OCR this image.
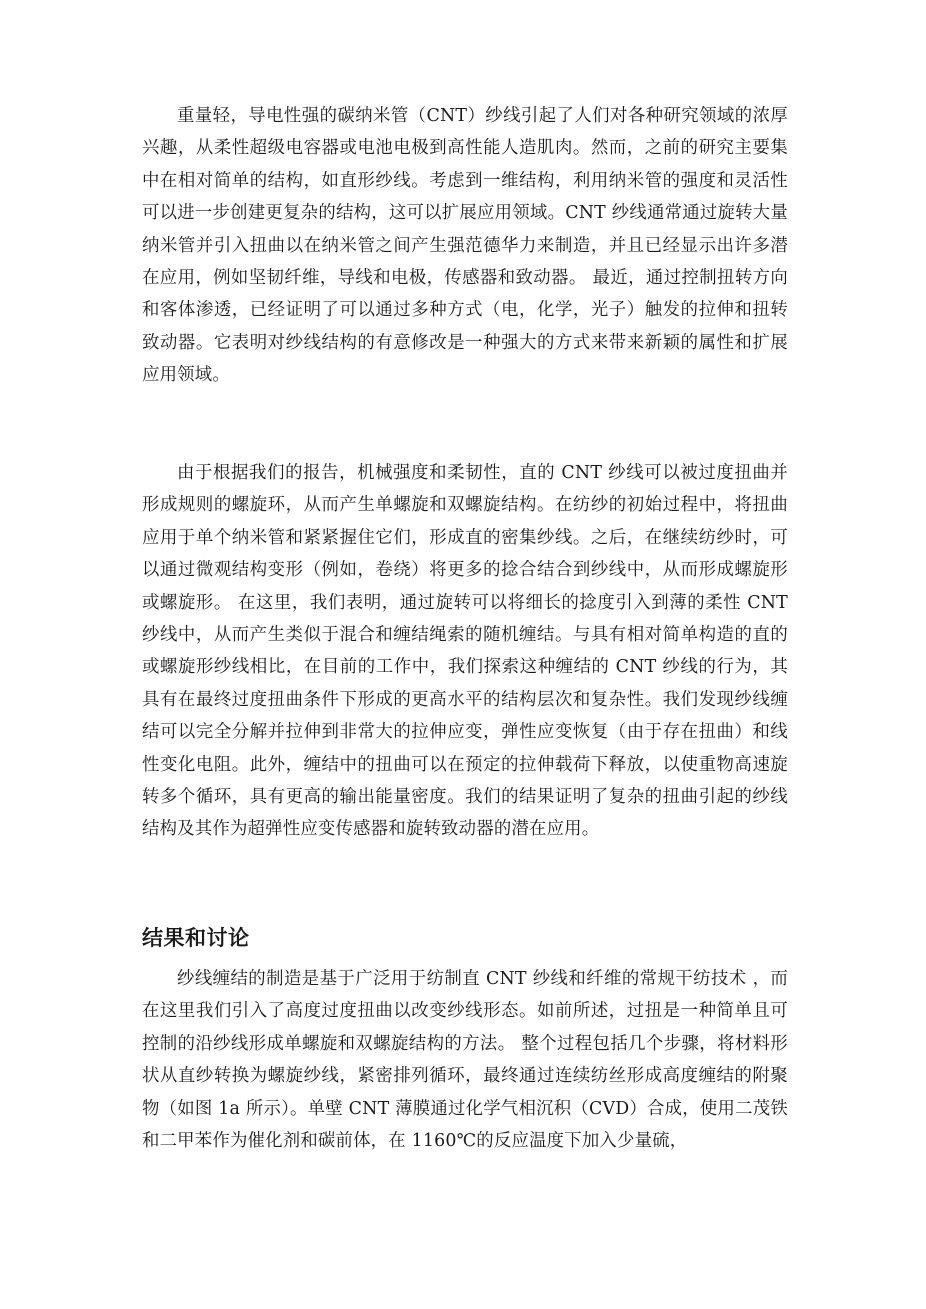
重量轻，导电性强的碳纳米管（CNT）纱线引起了人们对各种研究领域的浓厚兴趣，从柔性超级电容器或电池电极到高性能人造肌肉。然而，之前的研究主要集中在相对简单的结构，如直形纱线。考虑到一维结构，利用纳米管的强度和灵活性可以进一步创建更复杂的结构，这可以扩展应用领域。CNT 纱线通常通过旋转大量纳米管并引入扭曲以在纳米管之间产生强范德华力来制造，并且已经显示出许多潜在应用，例如坚韧纤维，导线和电极，传感器和致动器。 最近，通过控制扭转方向和客体渗透，已经证明了可以通过多种方式（电，化学，光子）触发的拉伸和扭转致动器。它表明对纱线结构的有意修改是一种强大的方式来带来新颖的属性和扩展应用领域。

由于根据我们的报告，机械强度和柔韧性，直的 CNT 纱线可以被过度扭曲并形成规则的螺旋环，从而产生单螺旋和双螺旋结构。在纺纱的初始过程中，将扭曲应用于单个纳米管和紧紧握住它们，形成直的密集纱线。之后，在继续纺纱时，可以通过微观结构变形（例如，卷绕）将更多的捻合结合到纱线中，从而形成螺旋形或螺旋形。 在这里，我们表明，通过旋转可以将细长的捻度引入到薄的柔性 CNT 纱线中，从而产生类似于混合和缠结绳索的随机缠结。与具有相对简单构造的直的或螺旋形纱线相比，在目前的工作中，我们探索这种缠结的 CNT 纱线的行为，其具有在最终过度扭曲条件下形成的更高水平的结构层次和复杂性。我们发现纱线缠结可以完全分解并拉伸到非常大的拉伸应变，弹性应变恢复（由于存在扭曲）和线性变化电阻。此外，缠结中的扭曲可以在预定的拉伸载荷下释放，以使重物高速旋转多个循环，具有更高的输出能量密度。我们的结果证明了复杂的扭曲引起的纱线结构及其作为超弹性应变传感器和旋转致动器的潜在应用。

结果和讨论

纱线缠结的制造是基于广泛用于纺制直 CNT 纱线和纤维的常规干纺技术 ，而在这里我们引入了高度过度扭曲以改变纱线形态。如前所述，过扭是一种简单且可控制的沿纱线形成单螺旋和双螺旋结构的方法。 整个过程包括几个步骤，将材料形状从直纱转换为螺旋纱线，紧密排列循环，最终通过连续纺丝形成高度缠结的附聚物（如图 1a 所示）。单壁 CNT 薄膜通过化学气相沉积（CVD）合成，使用二茂铁和二甲苯作为催化剂和碳前体，在 1160℃的反应温度下加入少量硫，
